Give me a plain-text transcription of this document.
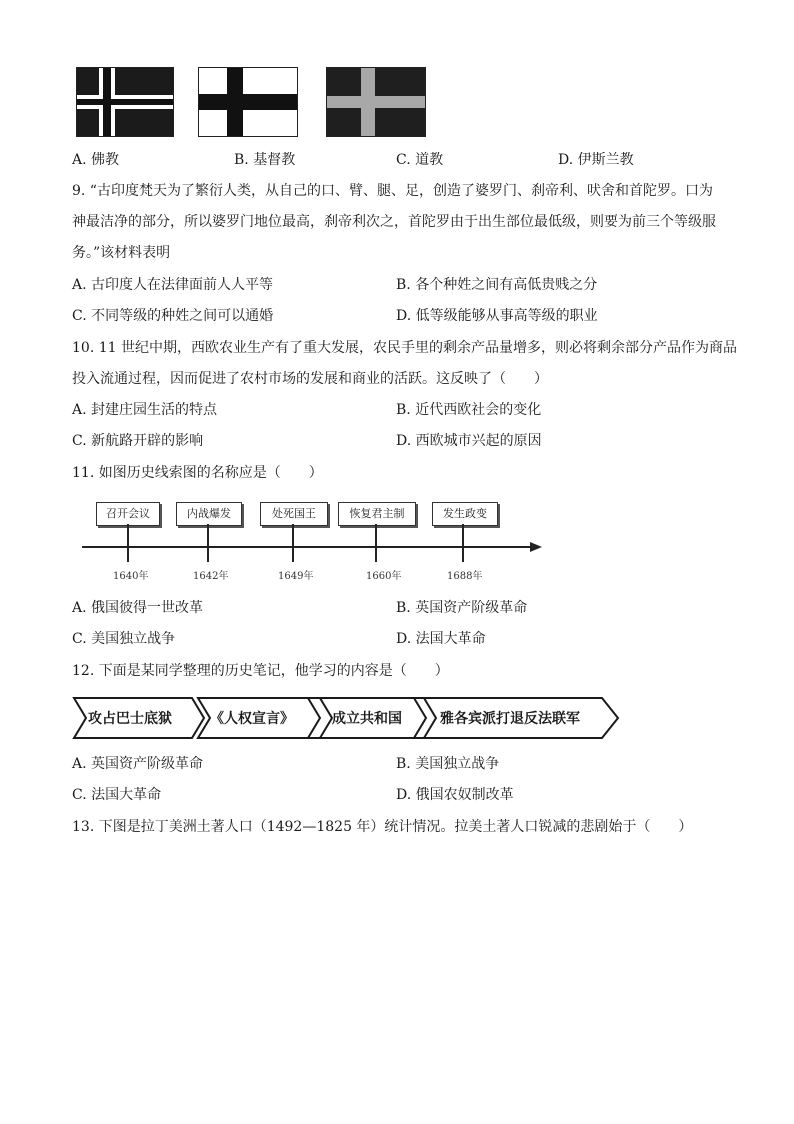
A. 佛教	B. 基督教	C. 道教	D. 伊斯兰教
9. “古印度梵天为了繁衍人类，从自己的口、臂、腿、足，创造了婆罗门、刹帝利、吠舍和首陀罗。口为
神最洁净的部分，所以婆罗门地位最高，刹帝利次之，首陀罗由于出生部位最低级，则要为前三个等级服
务。”该材料表明
A. 古印度人在法律面前人人平等	B. 各个种姓之间有高低贵贱之分
C. 不同等级的种姓之间可以通婚	D. 低等级能够从事高等级的职业
10. 11 世纪中期，西欧农业生产有了重大发展，农民手里的剩余产品量增多，则必将剩余部分产品作为商品
投入流通过程，因而促进了农村市场的发展和商业的活跃。这反映了（　　）
A. 封建庄园生活的特点	B. 近代西欧社会的变化
C. 新航路开辟的影响	D. 西欧城市兴起的原因
11. 如图历史线索图的名称应是（　　）
召开会议	内战爆发	处死国王	恢复君主制	发生政变
1640年	1642年	1649年	1660年	1688年
A. 俄国彼得一世改革	B. 英国资产阶级革命
C. 美国独立战争	D. 法国大革命
12. 下面是某同学整理的历史笔记，他学习的内容是（　　）
攻占巴士底狱	《人权宣言》	成立共和国	雅各宾派打退反法联军
A. 英国资产阶级革命	B. 美国独立战争
C. 法国大革命	D. 俄国农奴制改革
13. 下图是拉丁美洲土著人口（1492—1825 年）统计情况。拉美土著人口锐减的悲剧始于（　　）
